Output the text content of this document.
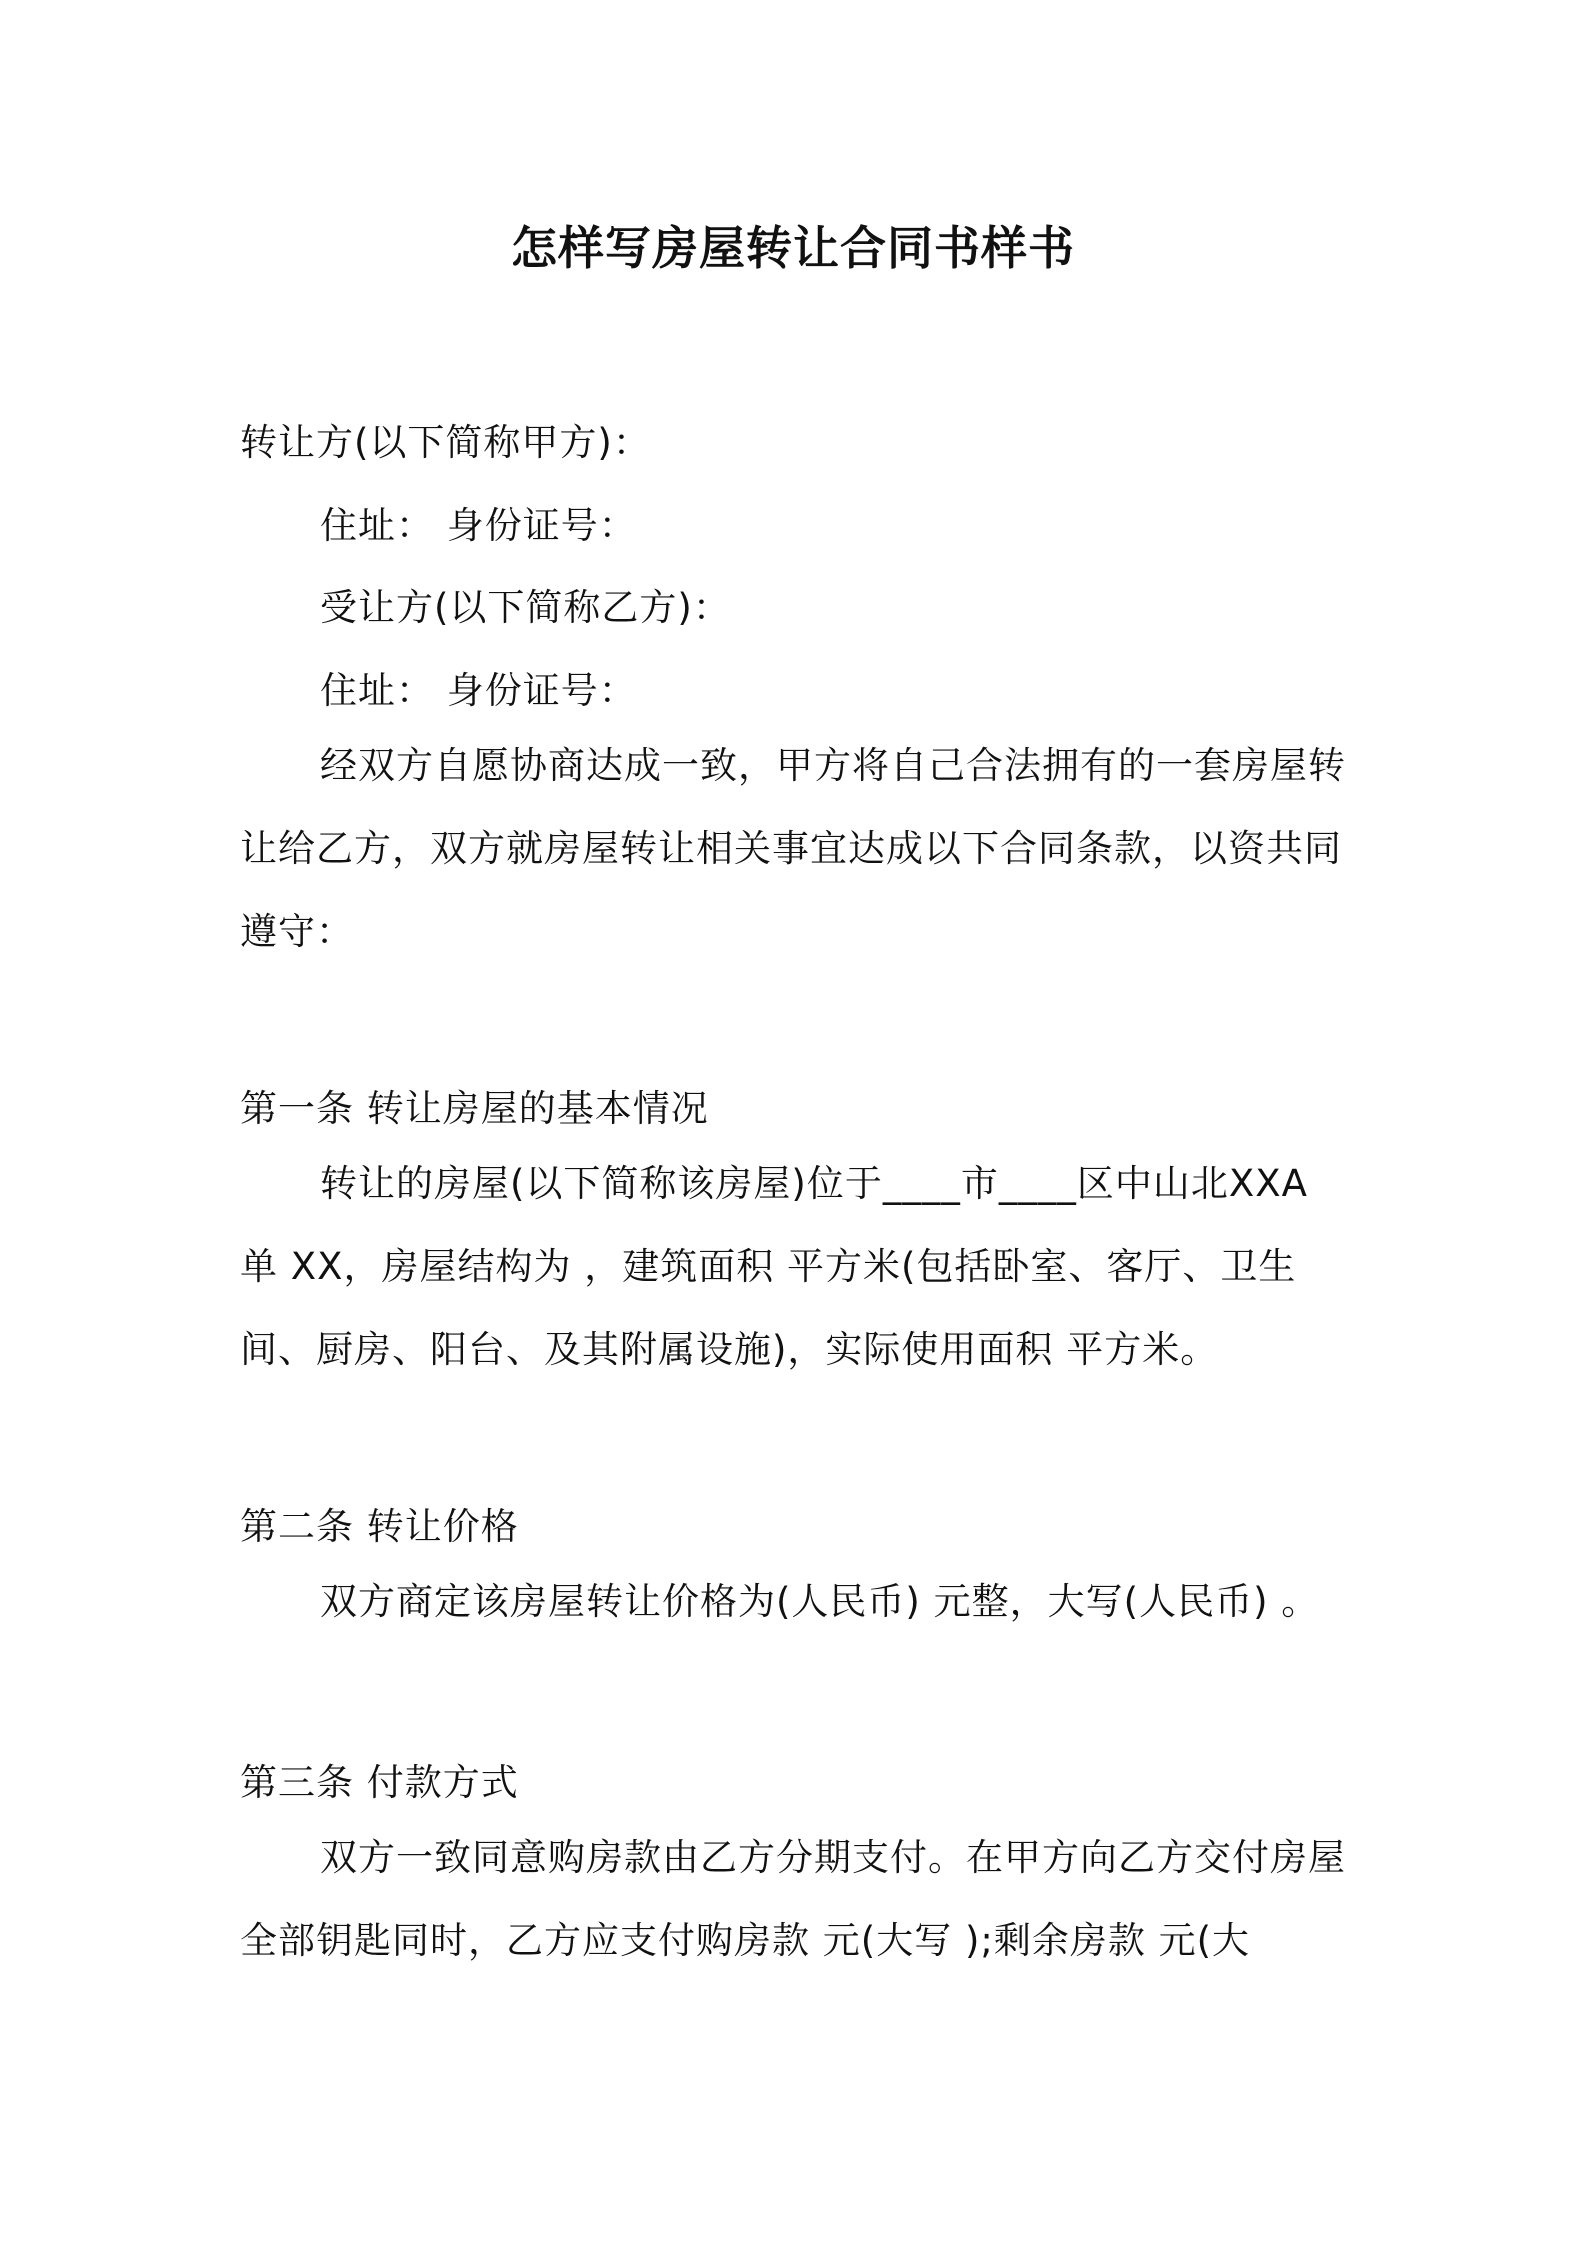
怎样写房屋转让合同书样书
转让方(以下简称甲方)：
住址： 身份证号：
受让方(以下简称乙方)：
住址： 身份证号：
经双方自愿协商达成一致，甲方将自己合法拥有的一套房屋转让给乙方，双方就房屋转让相关事宜达成以下合同条款，以资共同遵守：
第一条 转让房屋的基本情况
转让的房屋(以下简称该房屋)位于____市____区中山北XXA 单 XX，房屋结构为 ，建筑面积 平方米(包括卧室、客厅、卫生间、厨房、阳台、及其附属设施)，实际使用面积 平方米。
第二条 转让价格
双方商定该房屋转让价格为(人民币) 元整，大写(人民币) 。
第三条 付款方式
双方一致同意购房款由乙方分期支付。在甲方向乙方交付房屋全部钥匙同时，乙方应支付购房款 元(大写 );剩余房款 元(大
